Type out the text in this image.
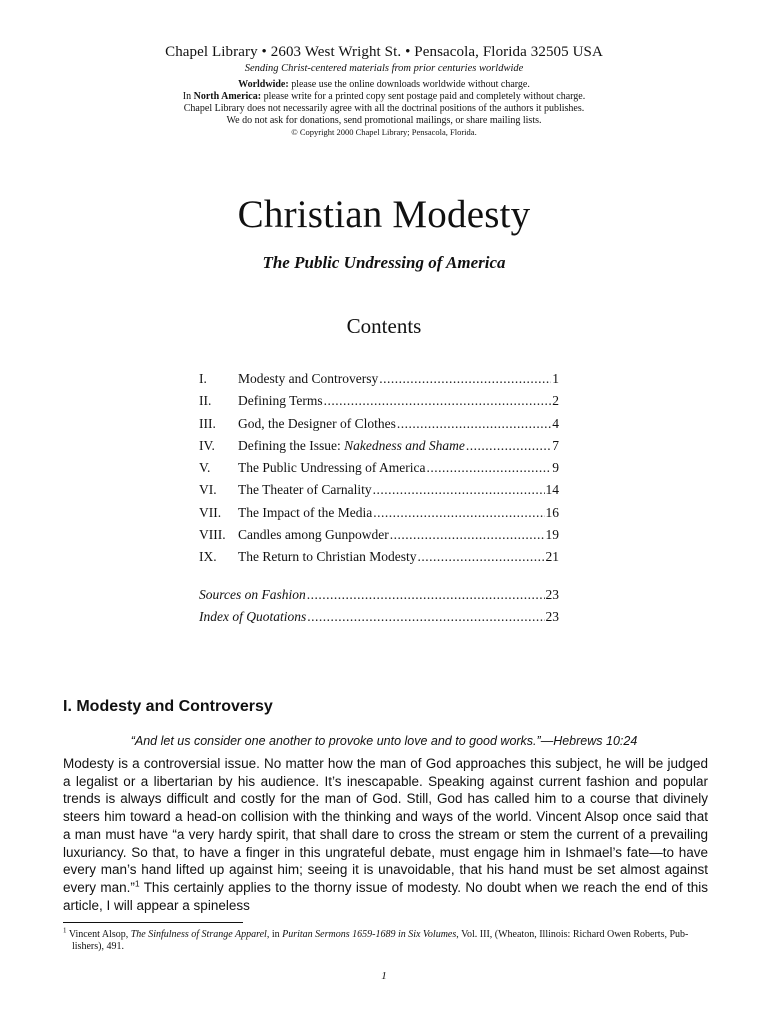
Chapel Library • 2603 West Wright St. • Pensacola, Florida 32505 USA
Sending Christ-centered materials from prior centuries worldwide
Worldwide: please use the online downloads worldwide without charge.
In North America: please write for a printed copy sent postage paid and completely without charge.
Chapel Library does not necessarily agree with all the doctrinal positions of the authors it publishes.
We do not ask for donations, send promotional mailings, or share mailing lists.
© Copyright 2000 Chapel Library; Pensacola, Florida.
Christian Modesty
The Public Undressing of America
Contents
I.	Modesty and Controversy .....	1
II.	Defining Terms .....	2
III.	God, the Designer of Clothes .....	4
IV.	Defining the Issue: Nakedness and Shame .....	7
V.	The Public Undressing of America .....	9
VI.	The Theater of Carnality .....	14
VII.	The Impact of the Media .....	16
VIII. Candles among Gunpowder .....	19
IX.	The Return to Christian Modesty .....	21
Sources on Fashion .....	23
Index of Quotations .....	23
I. Modesty and Controversy
“And let us consider one another to provoke unto love and to good works.”—Hebrews 10:24
Modesty is a controversial issue. No matter how the man of God approaches this subject, he will be judged a legalist or a libertarian by his audience. It’s inescapable. Speaking against current fashion and popular trends is always difficult and costly for the man of God. Still, God has called him to a course that divinely steers him toward a head-on collision with the thinking and ways of the world. Vincent Alsop once said that a man must have “a very hardy spirit, that shall dare to cross the stream or stem the current of a prevailing luxuriancy. So that, to have a finger in this ungrateful debate, must engage him in Ishmael’s fate—to have every man’s hand lifted up against him; seeing it is unavoidable, that his hand must be set almost against every man.”$^1$ This certainly applies to the thorny issue of modesty. No doubt when we reach the end of this article, I will appear a spineless
$^1$ Vincent Alsop, The Sinfulness of Strange Apparel, in Puritan Sermons 1659-1689 in Six Volumes, Vol. III, (Wheaton, Illinois: Richard Owen Roberts, Pub-
lishers), 491.
1
